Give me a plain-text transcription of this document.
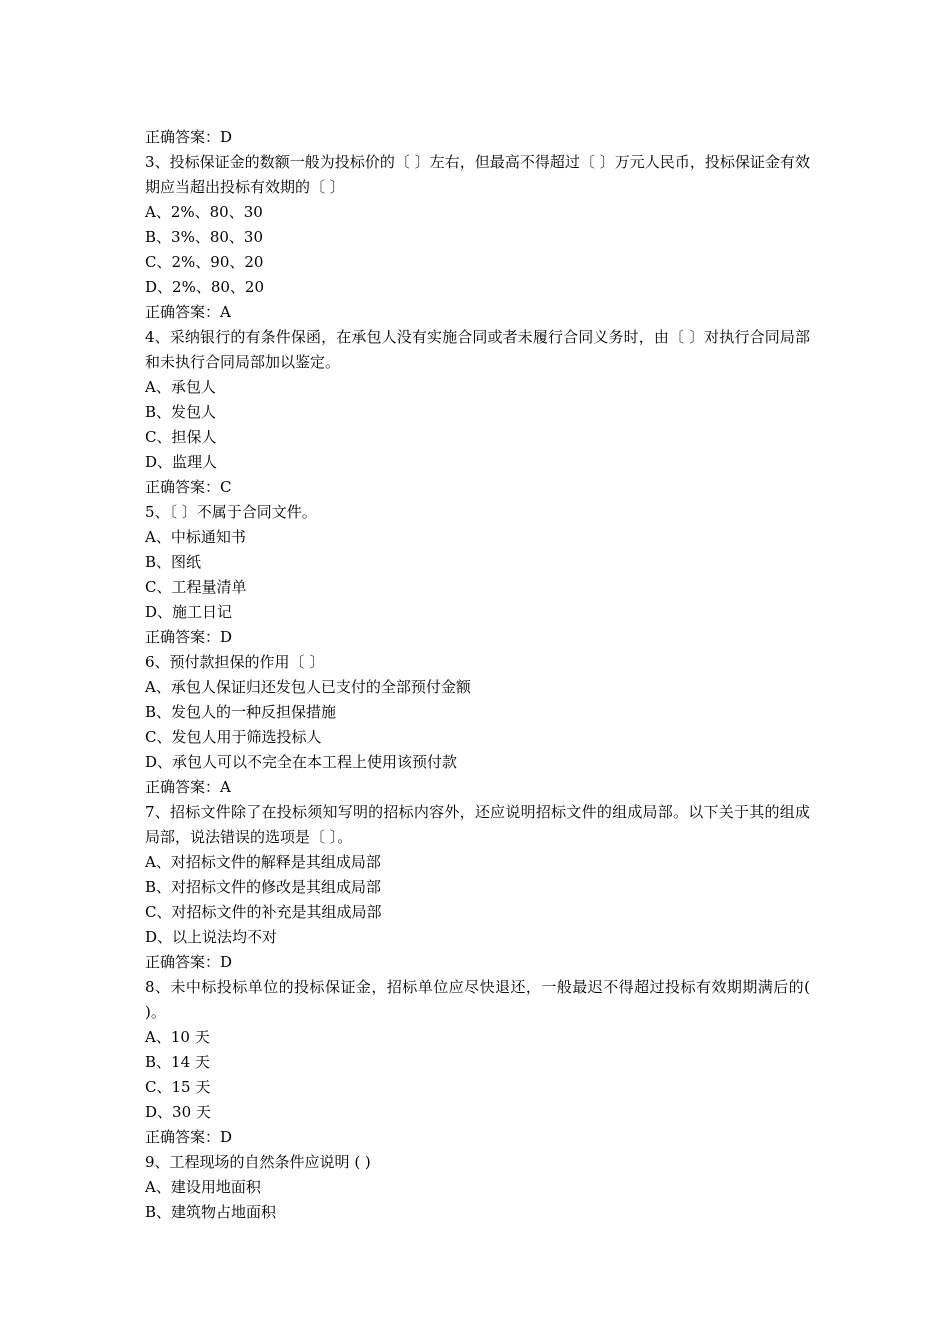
正确答案：D

3、投标保证金的数额一般为投标价的〔 〕左右，但最高不得超过〔 〕万元人民币，投标保证金有效期应当超出投标有效期的〔 〕

A、2%、80、30

B、3%、80、30

C、2%、90、20

D、2%、80、20

正确答案：A

4、采纳银行的有条件保函，在承包人没有实施合同或者未履行合同义务时，由〔 〕对执行合同局部和未执行合同局部加以鉴定。

A、承包人

B、发包人

C、担保人

D、监理人

正确答案：C

5、〔 〕不属于合同文件。

A、中标通知书

B、图纸

C、工程量清单

D、施工日记

正确答案：D

6、预付款担保的作用〔 〕

A、承包人保证归还发包人已支付的全部预付金额

B、发包人的一种反担保措施

C、发包人用于筛选投标人

D、承包人可以不完全在本工程上使用该预付款

正确答案：A

7、招标文件除了在投标须知写明的招标内容外，还应说明招标文件的组成局部。以下关于其的组成局部，说法错误的选项是〔 〕。

A、对招标文件的解释是其组成局部

B、对招标文件的修改是其组成局部

C、对招标文件的补充是其组成局部

D、以上说法均不对

正确答案：D

8、未中标投标单位的投标保证金，招标单位应尽快退还，一般最迟不得超过投标有效期期满后的( )。

A、10 天

B、14 天

C、15 天

D、30 天

正确答案：D

9、工程现场的自然条件应说明 ( )

A、建设用地面积

B、建筑物占地面积
